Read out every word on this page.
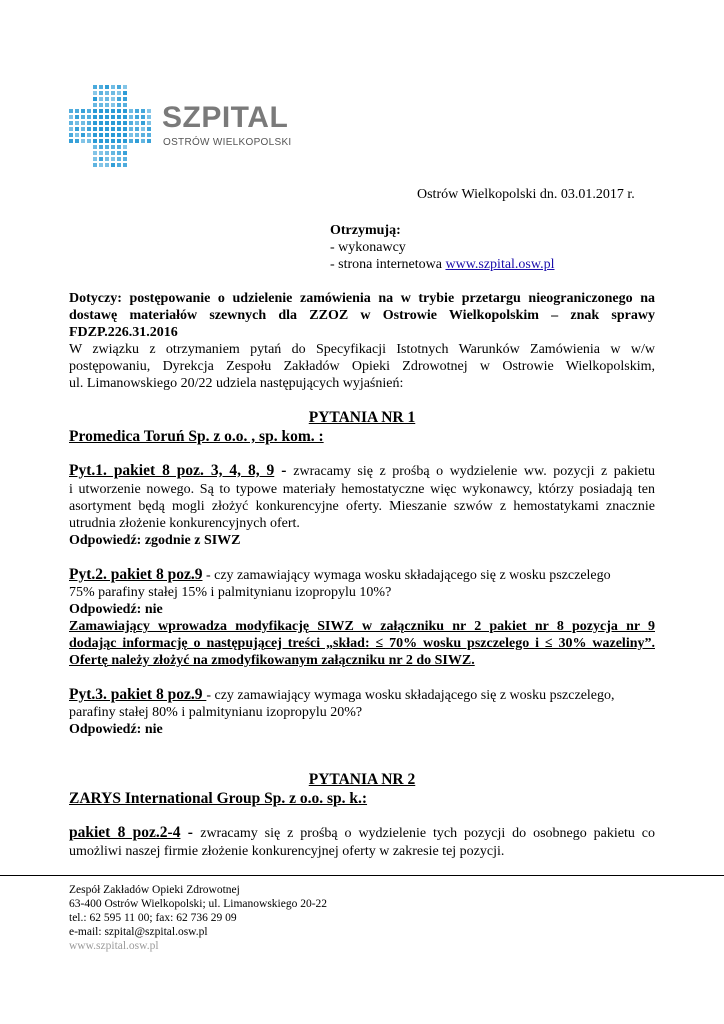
SZPITAL
OSTRÓW WIELKOPOLSKI
Ostrów Wielkopolski dn. 03.01.2017 r.
Otrzymują:
- wykonawcy
- strona internetowa www.szpital.osw.pl
Dotyczy: postępowanie o udzielenie zamówienia na w trybie przetargu nieograniczonego na
dostawę materiałów szewnych dla ZZOZ w Ostrowie Wielkopolskim – znak sprawy
FDZP.226.31.2016
W związku z otrzymaniem pytań do Specyfikacji Istotnych Warunków Zamówienia w w/w
postępowaniu, Dyrekcja Zespołu Zakładów Opieki Zdrowotnej w Ostrowie Wielkopolskim,
ul. Limanowskiego 20/22 udziela następujących wyjaśnień:
PYTANIA NR 1
Promedica Toruń Sp. z o.o. , sp. kom. :
Pyt.1. pakiet 8 poz. 3, 4, 8, 9 - zwracamy się z prośbą o wydzielenie ww. pozycji z pakietu
i utworzenie nowego. Są to typowe materiały hemostatyczne więc wykonawcy, którzy posiadają ten
asortyment będą mogli złożyć konkurencyjne oferty. Mieszanie szwów z hemostatykami znacznie
utrudnia złożenie konkurencyjnych ofert.
Odpowiedź: zgodnie z SIWZ
Pyt.2. pakiet 8 poz.9 - czy zamawiający wymaga wosku składającego się z wosku pszczelego
75% parafiny stałej 15% i palmitynianu izopropylu 10%?
Odpowiedź: nie
Zamawiający wprowadza modyfikację SIWZ w załączniku nr 2 pakiet nr 8 pozycja nr 9
dodając informację o następującej treści „skład: ≤ 70% wosku pszczelego i ≤ 30% wazeliny”.
Ofertę należy złożyć na zmodyfikowanym załączniku nr 2 do SIWZ.
Pyt.3. pakiet 8 poz.9 - czy zamawiający wymaga wosku składającego się z wosku pszczelego,
parafiny stałej 80% i palmitynianu izopropylu 20%?
Odpowiedź: nie
PYTANIA NR 2
ZARYS International Group Sp. z o.o. sp. k.:
pakiet 8 poz.2-4 - zwracamy się z prośbą o wydzielenie tych pozycji do osobnego pakietu co
umożliwi naszej firmie złożenie konkurencyjnej oferty w zakresie tej pozycji.
Zespół Zakładów Opieki Zdrowotnej
63-400 Ostrów Wielkopolski; ul. Limanowskiego 20-22
tel.: 62 595 11 00; fax: 62 736 29 09
e-mail: szpital@szpital.osw.pl
www.szpital.osw.pl
